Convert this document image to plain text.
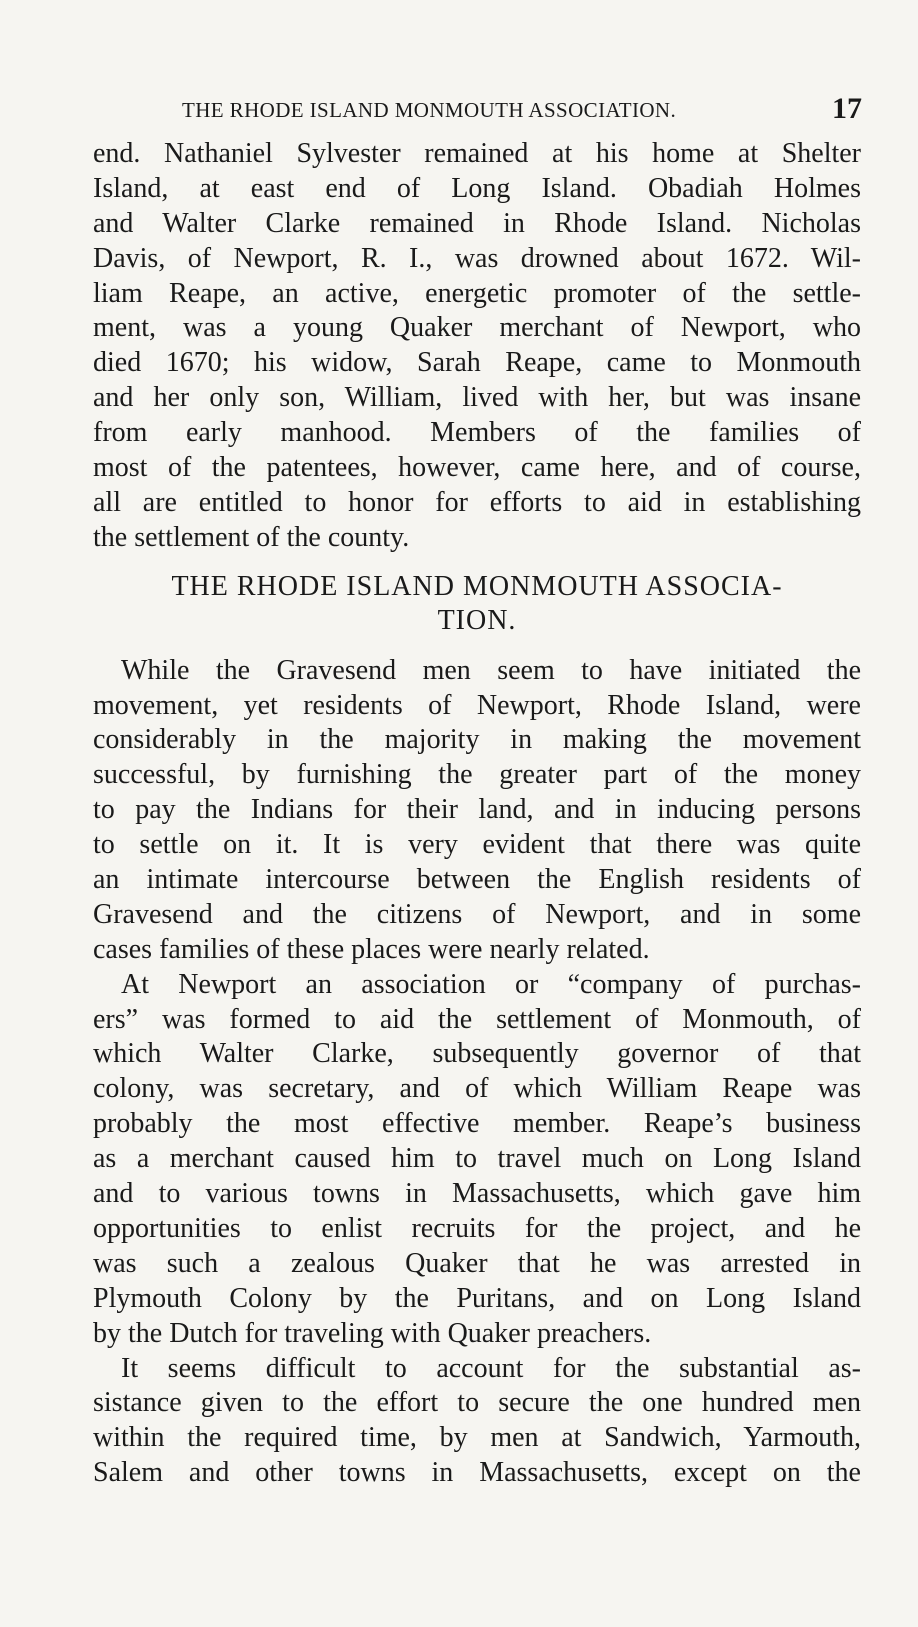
THE RHODE ISLAND MONMOUTH ASSOCIATION.	17
end. Nathaniel Sylvester remained at his home at Shelter
Island, at east end of Long Island. Obadiah Holmes
and Walter Clarke remained in Rhode Island. Nicholas
Davis, of Newport, R. I., was drowned about 1672. Wil-
liam Reape, an active, energetic promoter of the settle-
ment, was a young Quaker merchant of Newport, who
died 1670; his widow, Sarah Reape, came to Monmouth
and her only son, William, lived with her, but was insane
from early manhood. Members of the families of
most of the patentees, however, came here, and of course,
all are entitled to honor for efforts to aid in establishing
the settlement of the county.
THE RHODE ISLAND MONMOUTH ASSOCIA-
TION.
While the Gravesend men seem to have initiated the
movement, yet residents of Newport, Rhode Island, were
considerably in the majority in making the movement
successful, by furnishing the greater part of the money
to pay the Indians for their land, and in inducing persons
to settle on it. It is very evident that there was quite
an intimate intercourse between the English residents of
Gravesend and the citizens of Newport, and in some
cases families of these places were nearly related.
At Newport an association or “company of purchas-
ers” was formed to aid the settlement of Monmouth, of
which Walter Clarke, subsequently governor of that
colony, was secretary, and of which William Reape was
probably the most effective member. Reape’s business
as a merchant caused him to travel much on Long Island
and to various towns in Massachusetts, which gave him
opportunities to enlist recruits for the project, and he
was such a zealous Quaker that he was arrested in
Plymouth Colony by the Puritans, and on Long Island
by the Dutch for traveling with Quaker preachers.
It seems difficult to account for the substantial as-
sistance given to the effort to secure the one hundred men
within the required time, by men at Sandwich, Yarmouth,
Salem and other towns in Massachusetts, except on the
